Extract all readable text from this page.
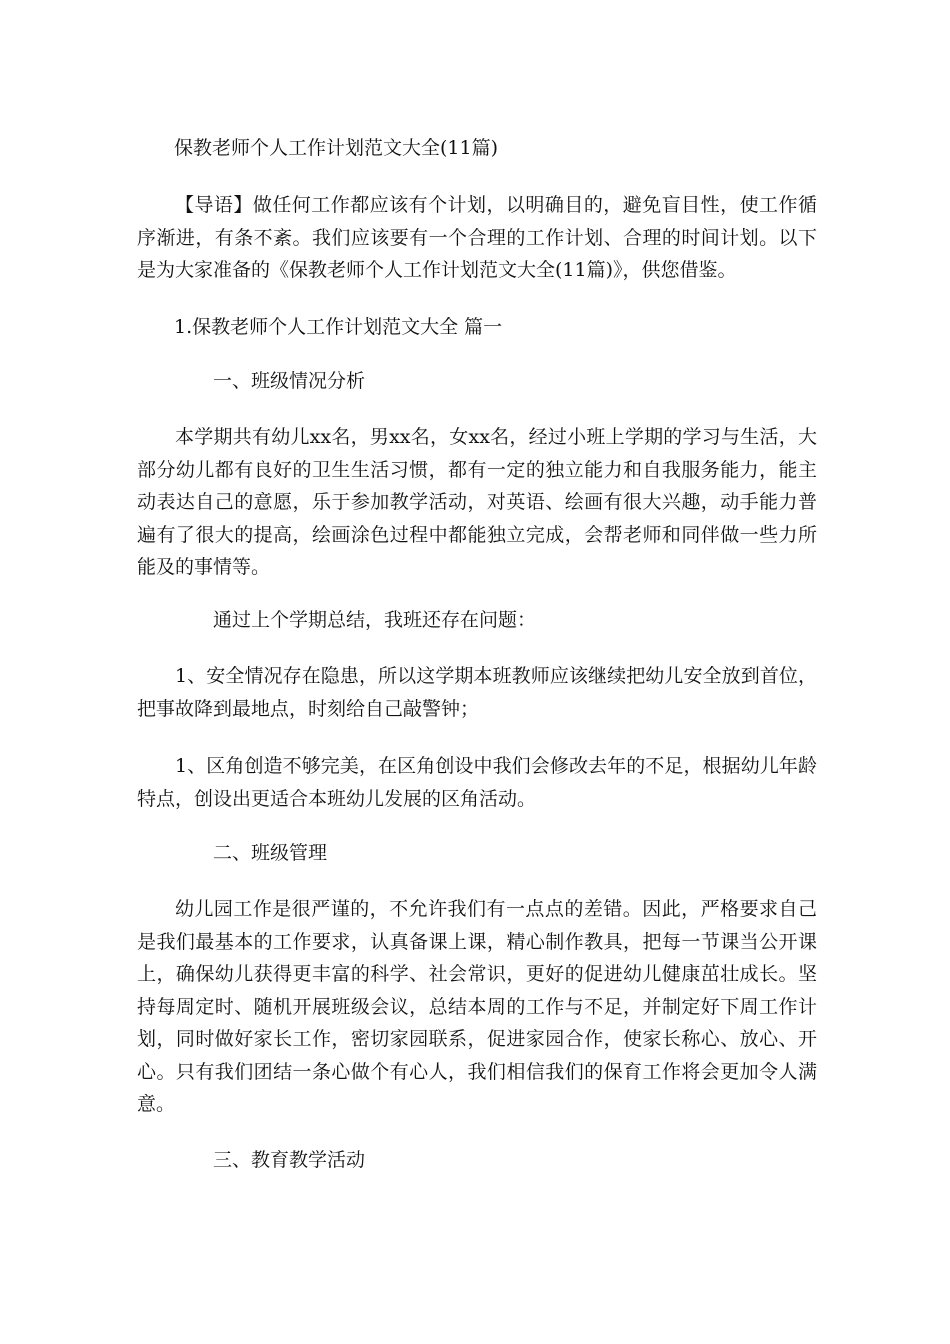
保教老师个人工作计划范文大全(11篇)
【导语】做任何工作都应该有个计划，以明确目的，避免盲目性，使工作循序渐进，有条不紊。我们应该要有一个合理的工作计划、合理的时间计划。以下是为大家准备的《保教老师个人工作计划范文大全(11篇)》，供您借鉴。
1.保教老师个人工作计划范文大全 篇一
一、班级情况分析
本学期共有幼儿xx名，男xx名，女xx名，经过小班上学期的学习与生活，大部分幼儿都有良好的卫生生活习惯，都有一定的独立能力和自我服务能力，能主动表达自己的意愿，乐于参加教学活动，对英语、绘画有很大兴趣，动手能力普遍有了很大的提高，绘画涂色过程中都能独立完成，会帮老师和同伴做一些力所能及的事情等。
通过上个学期总结，我班还存在问题：
1、安全情况存在隐患，所以这学期本班教师应该继续把幼儿安全放到首位，把事故降到最地点，时刻给自己敲警钟；
1、区角创造不够完美，在区角创设中我们会修改去年的不足，根据幼儿年龄特点，创设出更适合本班幼儿发展的区角活动。
二、班级管理
幼儿园工作是很严谨的，不允许我们有一点点的差错。因此，严格要求自己是我们最基本的工作要求，认真备课上课，精心制作教具，把每一节课当公开课上，确保幼儿获得更丰富的科学、社会常识，更好的促进幼儿健康茁壮成长。坚持每周定时、随机开展班级会议，总结本周的工作与不足，并制定好下周工作计划，同时做好家长工作，密切家园联系，促进家园合作，使家长称心、放心、开心。只有我们团结一条心做个有心人，我们相信我们的保育工作将会更加令人满意。
三、教育教学活动
